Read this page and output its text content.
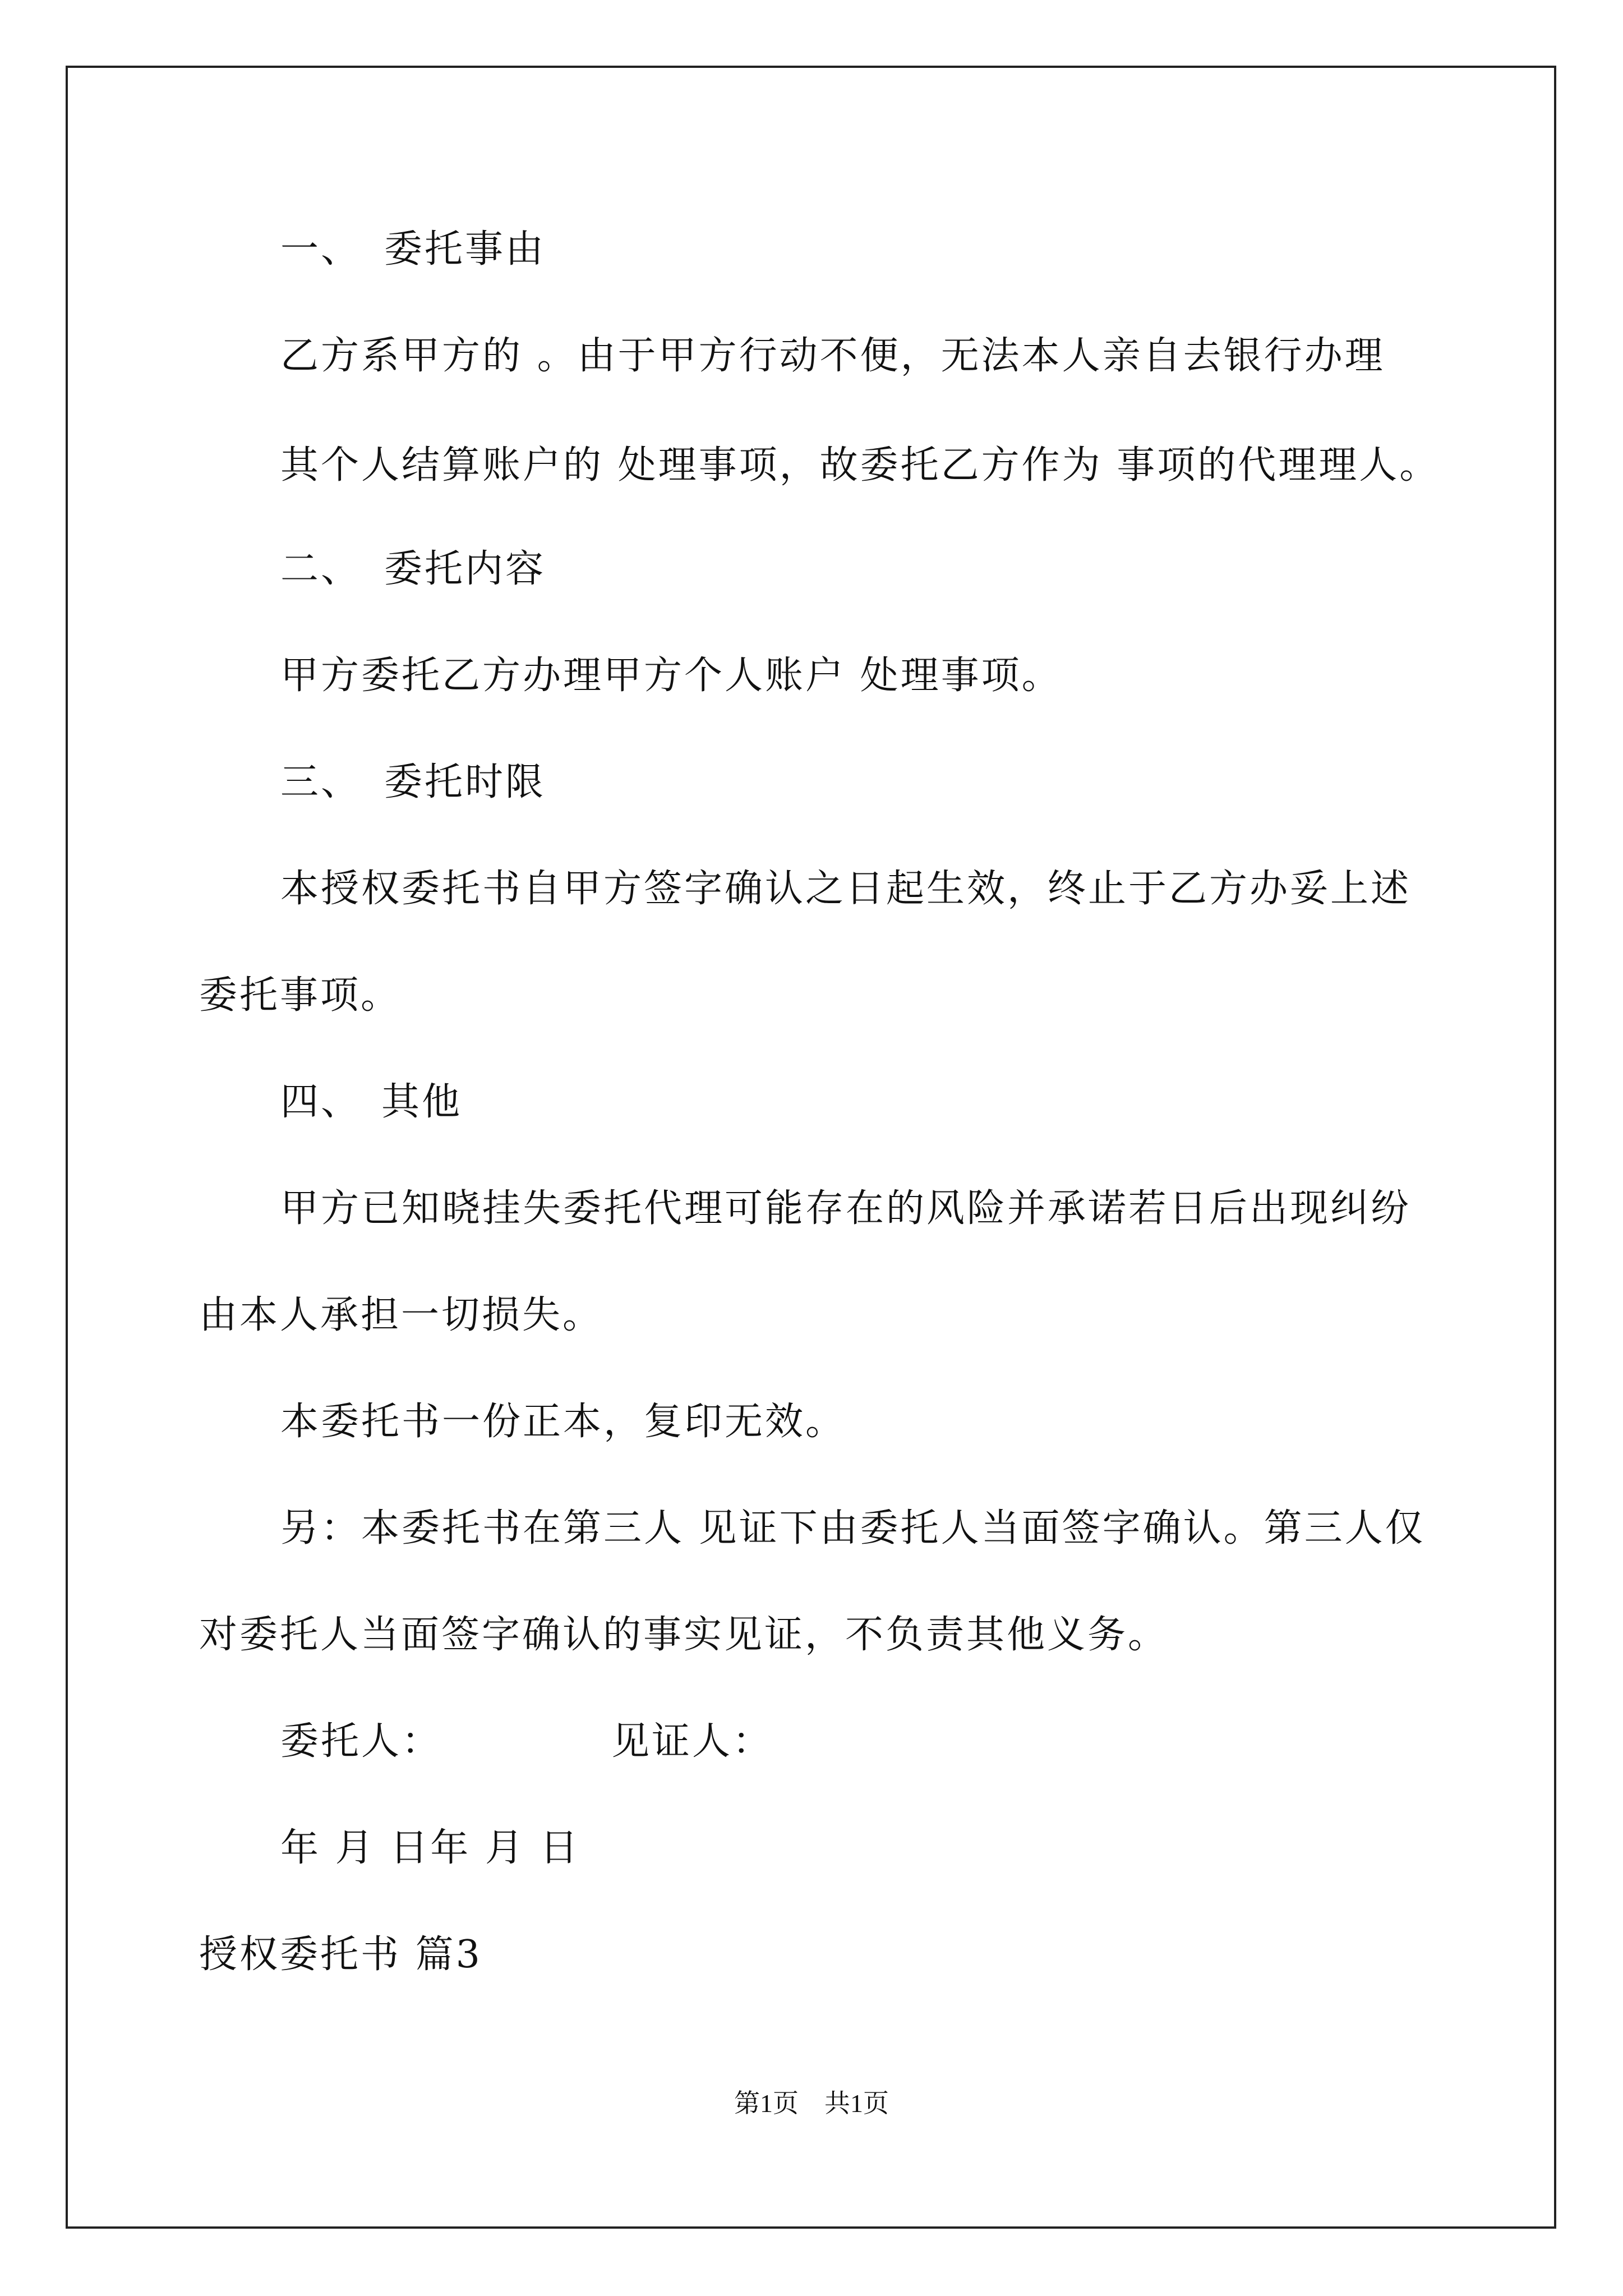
一、 委托事由
乙方系甲方的 。由于甲方行动不便，无法本人亲自去银行办理
其个人结算账户的 处理事项，故委托乙方作为 事项的代理理人。
二、 委托内容
甲方委托乙方办理甲方个人账户 处理事项。
三、 委托时限
本授权委托书自甲方签字确认之日起生效，终止于乙方办妥上述
委托事项。
四、 其他
甲方已知晓挂失委托代理可能存在的风险并承诺若日后出现纠纷
由本人承担一切损失。
本委托书一份正本，复印无效。
另：本委托书在第三人 见证下由委托人当面签字确认。第三人仅
对委托人当面签字确认的事实见证，不负责其他义务。
委托人：	见证人：
年 月 日年 月 日
授权委托书 篇3
第1页　共1页
